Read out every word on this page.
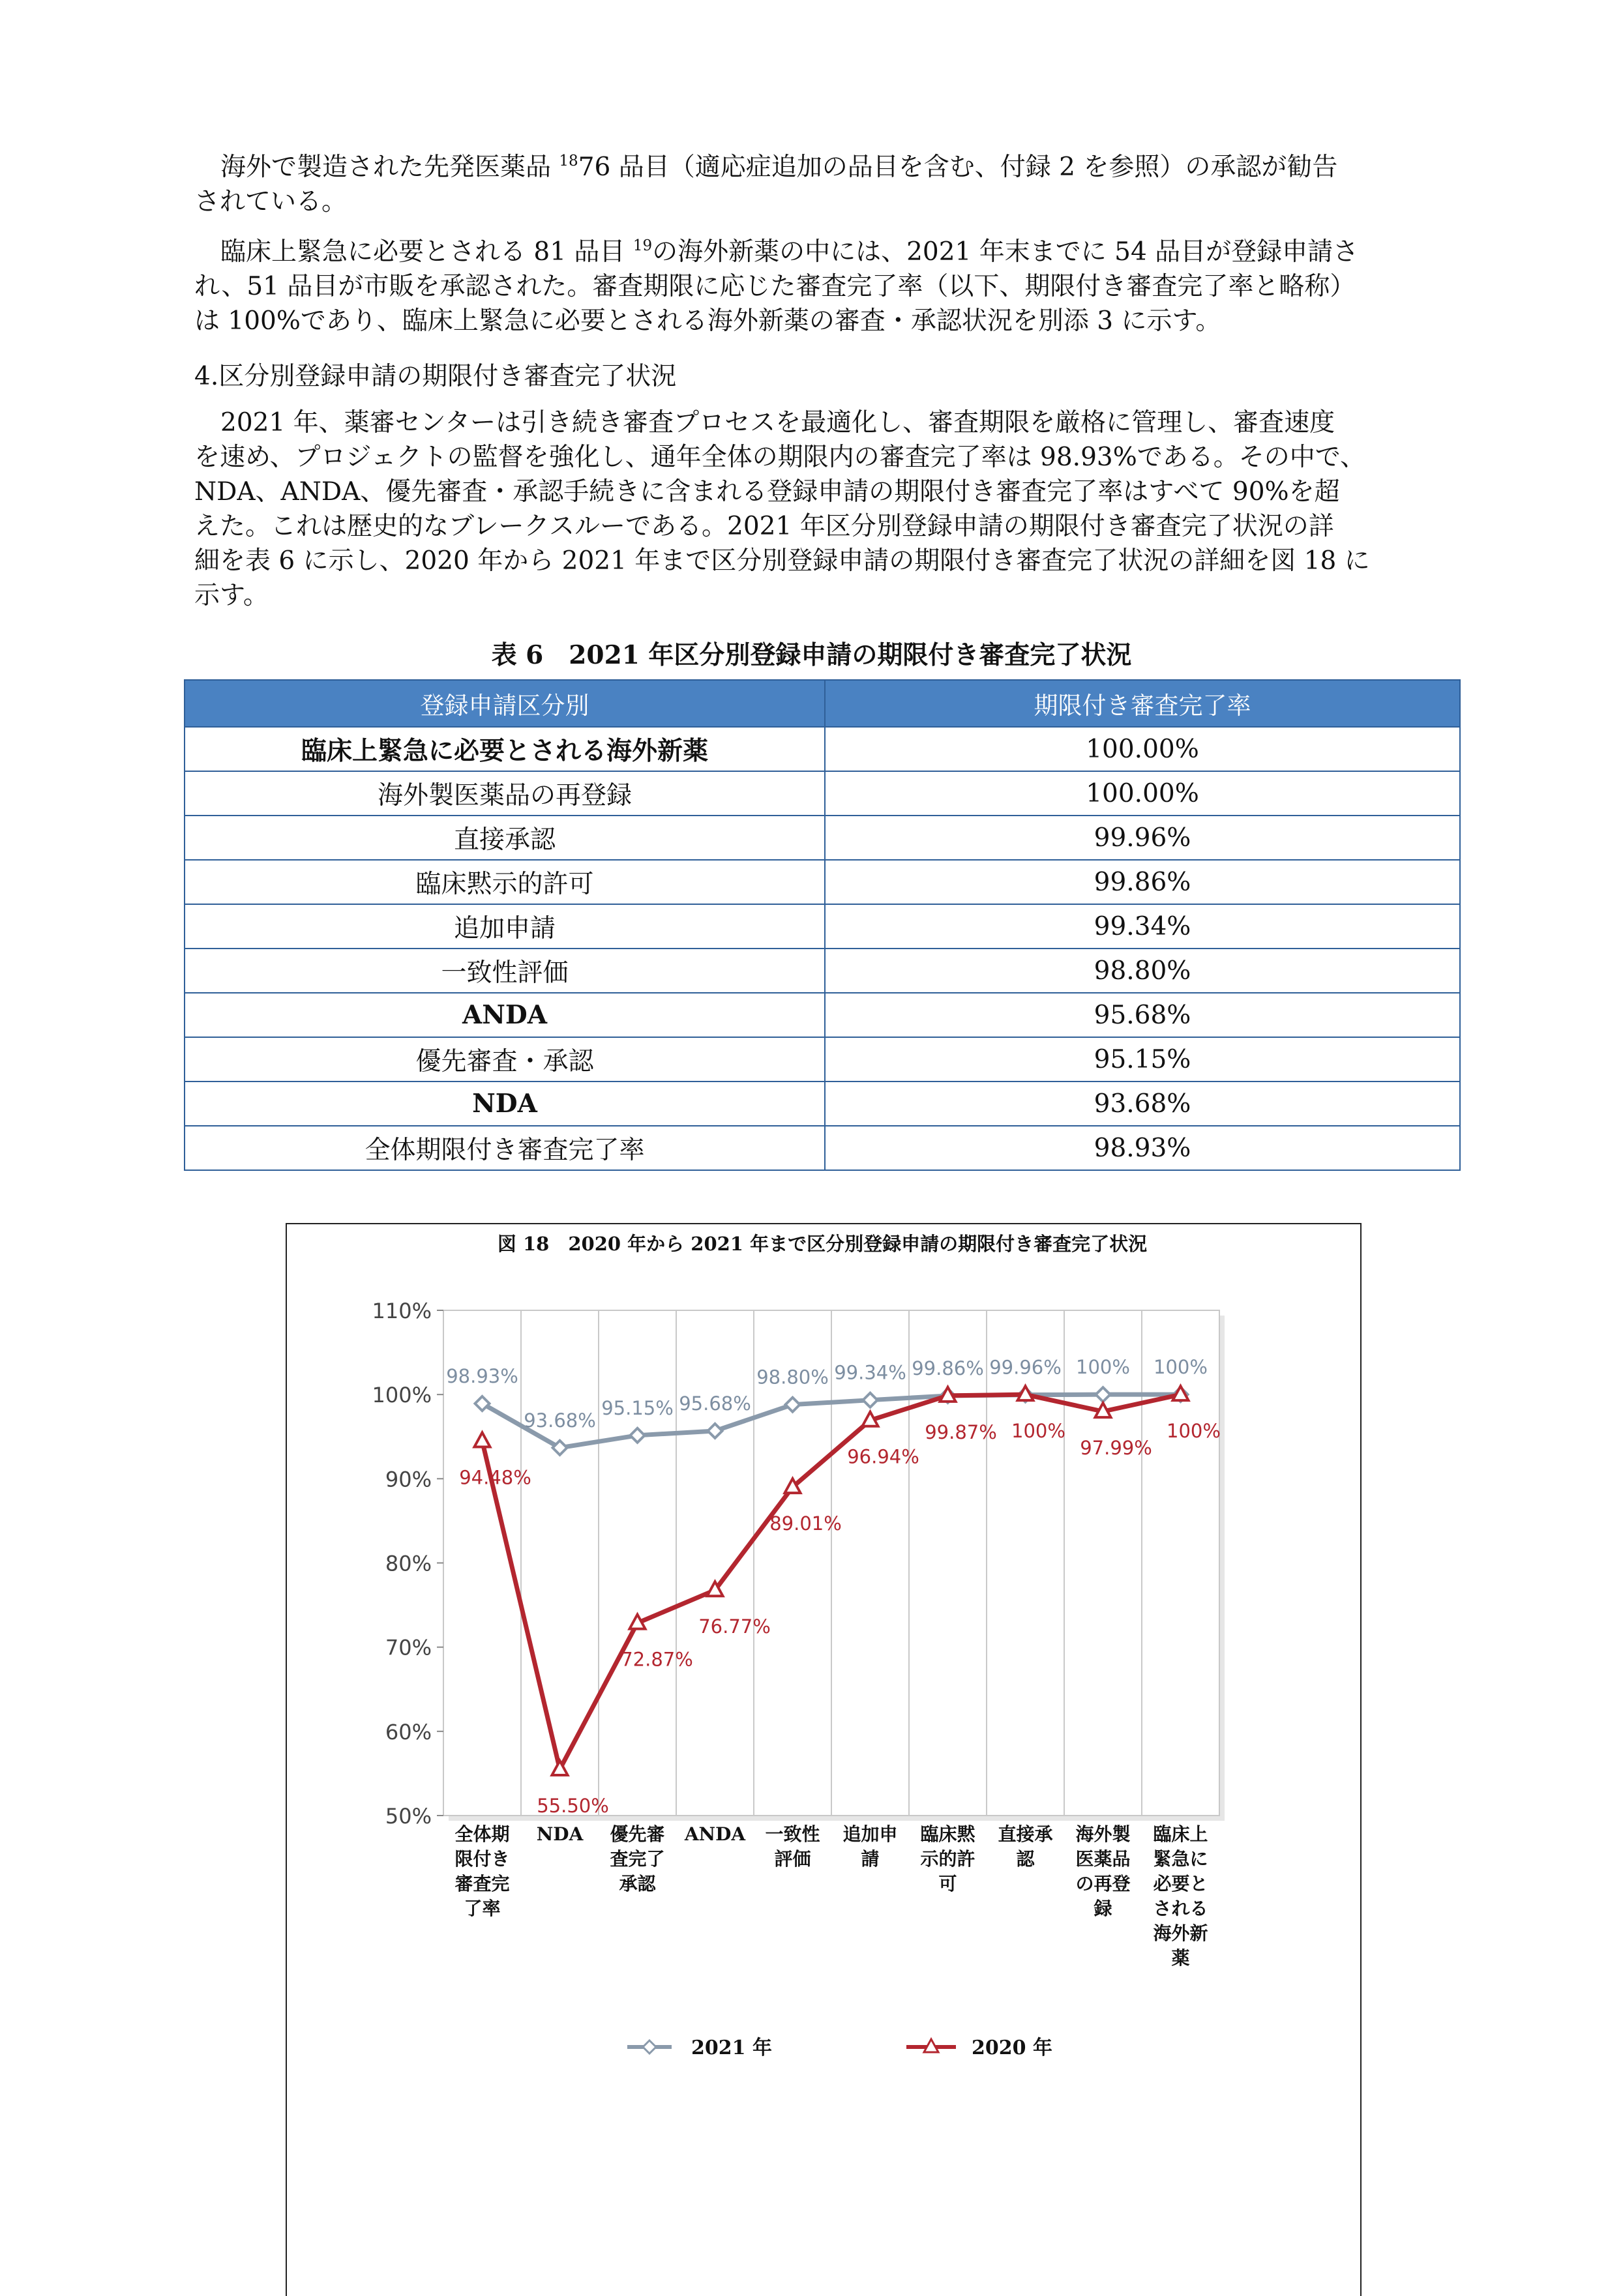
海外で製造された先発医薬品 $^{18}$76 品目（適応症追加の品目を含む、付録 2 を参照）の承認が勧告
されている。
臨床上緊急に必要とされる 81 品目 $^{19}$の海外新薬の中には、2021 年末までに 54 品目が登録申請さ
れ、51 品目が市販を承認された。審査期限に応じた審査完了率（以下、期限付き審査完了率と略称）
は 100%であり、臨床上緊急に必要とされる海外新薬の審査・承認状況を別添 3 に示す。

4.区分別登録申請の期限付き審査完了状況

2021 年、薬審センターは引き続き審査プロセスを最適化し、審査期限を厳格に管理し、審査速度
を速め、プロジェクトの監督を強化し、通年全体の期限内の審査完了率は 98.93%である。その中で、
NDA、ANDA、優先審査・承認手続きに含まれる登録申請の期限付き審査完了率はすべて 90%を超
えた。これは歴史的なブレークスルーである。2021 年区分別登録申請の期限付き審査完了状況の詳
細を表 6 に示し、2020 年から 2021 年まで区分別登録申請の期限付き審査完了状況の詳細を図 18 に
示す。

表 6　2021 年区分別登録申請の期限付き審査完了状況

登録申請区分別	期限付き審査完了率
臨床上緊急に必要とされる海外新薬	100.00%
海外製医薬品の再登録	100.00%
直接承認	99.96%
臨床黙示的許可	99.86%
追加申請	99.34%
一致性評価	98.80%
ANDA	95.68%
優先審査・承認	95.15%
NDA	93.68%
全体期限付き審査完了率	98.93%
図 18　2020 年から 2021 年まで区分別登録申請の期限付き審査完了状況
50%
60%
70%
80%
90%
100%
110%
全体期
限付き
審査完
了率
NDA 優先審
査完了
承認
ANDA 一致性
評価
追加申
請
臨床黙
示的許
可
直接承
認
海外製
医薬品
の再登
録
臨床上
緊急に
必要と
される
海外新
薬
98.93%
93.68%
95.15% 95.68%
98.80% 99.34% 99.86% 99.96% 100% 100%
94.48%
55.50%
72.87%
76.77%
89.01%
96.94%
99.87% 100%
97.99%
100%
2021 年	2020 年
